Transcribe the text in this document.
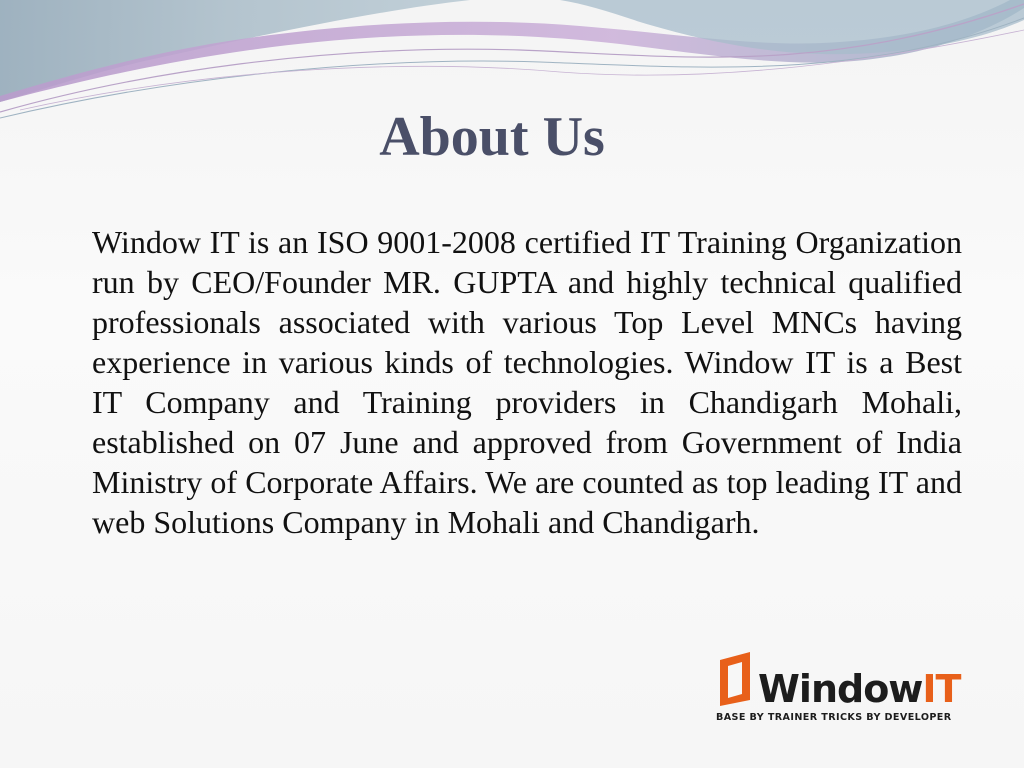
About Us

Window IT is an ISO 9001-2008 certified IT Training Organization run by CEO/Founder MR. GUPTA and highly technical qualified professionals associated with various Top Level MNCs having experience in various kinds of technologies. Window IT is a Best IT Company and Training providers in Chandigarh Mohali, established on 07 June and approved from Government of India Ministry of Corporate Affairs. We are counted as top leading IT and web Solutions Company in Mohali and Chandigarh.

WindowIT
BASE BY TRAINER TRICKS BY DEVELOPER
